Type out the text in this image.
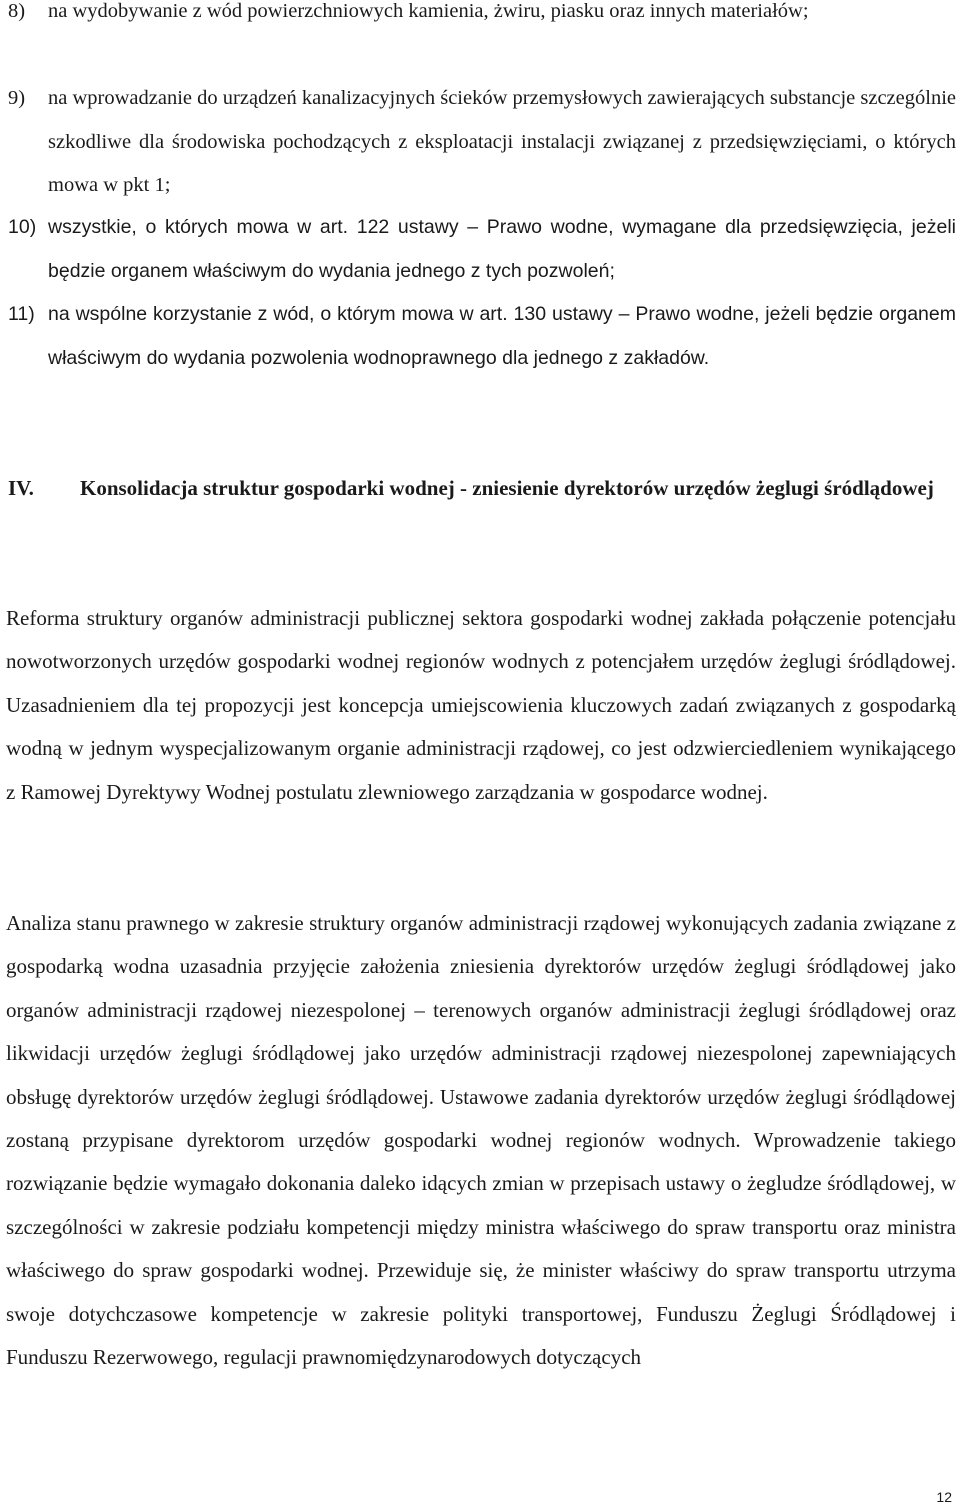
8) na wydobywanie z wód powierzchniowych kamienia, żwiru, piasku oraz innych materiałów;
9) na wprowadzanie do urządzeń kanalizacyjnych ścieków przemysłowych zawierających substancje szczególnie szkodliwe dla środowiska pochodzących z eksploatacji instalacji związanej z przedsięwzięciami, o których mowa w pkt 1;
10) wszystkie, o których mowa w art. 122 ustawy – Prawo wodne, wymagane dla przedsięwzięcia, jeżeli będzie organem właściwym do wydania jednego z tych pozwoleń;
11) na wspólne korzystanie z wód, o którym mowa w art. 130 ustawy – Prawo wodne, jeżeli będzie organem właściwym do wydania pozwolenia wodnoprawnego dla jednego z zakładów.
IV. Konsolidacja struktur gospodarki wodnej - zniesienie dyrektorów urzędów żeglugi śródlądowej

Reforma struktury organów administracji publicznej sektora gospodarki wodnej zakłada połączenie potencjału nowotworzonych urzędów gospodarki wodnej regionów wodnych z potencjałem urzędów żeglugi śródlądowej. Uzasadnieniem dla tej propozycji jest koncepcja umiejscowienia kluczowych zadań związanych z gospodarką wodną w jednym wyspecjalizowanym organie administracji rządowej, co jest odzwierciedleniem wynikającego z Ramowej Dyrektywy Wodnej postulatu zlewniowego zarządzania w gospodarce wodnej.

Analiza stanu prawnego w zakresie struktury organów administracji rządowej wykonujących zadania związane z gospodarką wodna uzasadnia przyjęcie założenia zniesienia dyrektorów urzędów żeglugi śródlądowej jako organów administracji rządowej niezespolonej – terenowych organów administracji żeglugi śródlądowej oraz likwidacji urzędów żeglugi śródlądowej jako urzędów administracji rządowej niezespolonej zapewniających obsługę dyrektorów urzędów żeglugi śródlądowej. Ustawowe zadania dyrektorów urzędów żeglugi śródlądowej zostaną przypisane dyrektorom urzędów gospodarki wodnej regionów wodnych. Wprowadzenie takiego rozwiązanie będzie wymagało dokonania daleko idących zmian w przepisach ustawy o żegludze śródlądowej, w szczególności w zakresie podziału kompetencji między ministra właściwego do spraw transportu oraz ministra właściwego do spraw gospodarki wodnej. Przewiduje się, że minister właściwy do spraw transportu utrzyma swoje dotychczasowe kompetencje w zakresie polityki transportowej, Funduszu Żeglugi Śródlądowej i Funduszu Rezerwowego, regulacji prawnomiędzynarodowych dotyczących

12
